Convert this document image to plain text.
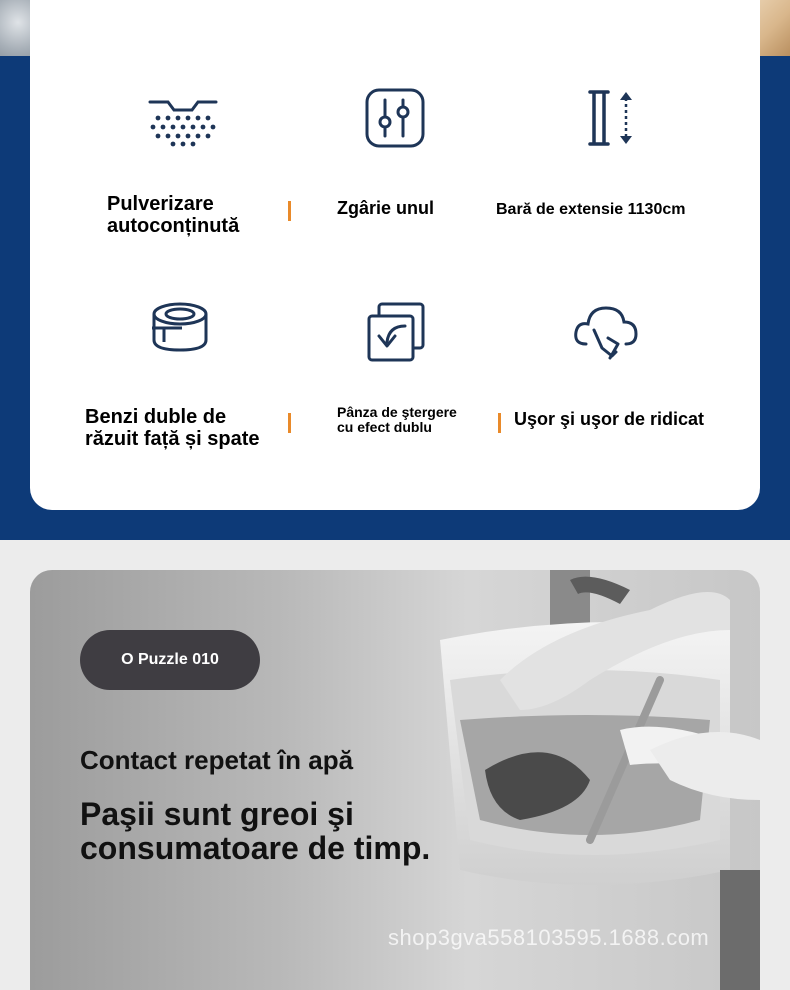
Pulverizare
autoconținută
Zgârie unul	Bară de extensie 1130cm
Benzi duble de
răzuit față și spate
Pânza de ştergere
cu efect dublu	Uşor şi uşor de ridicat
O Puzzle 010
Contact repetat în apă
Paşii sunt greoi şi
consumatoare de timp.
shop3gva558103595.1688.com
